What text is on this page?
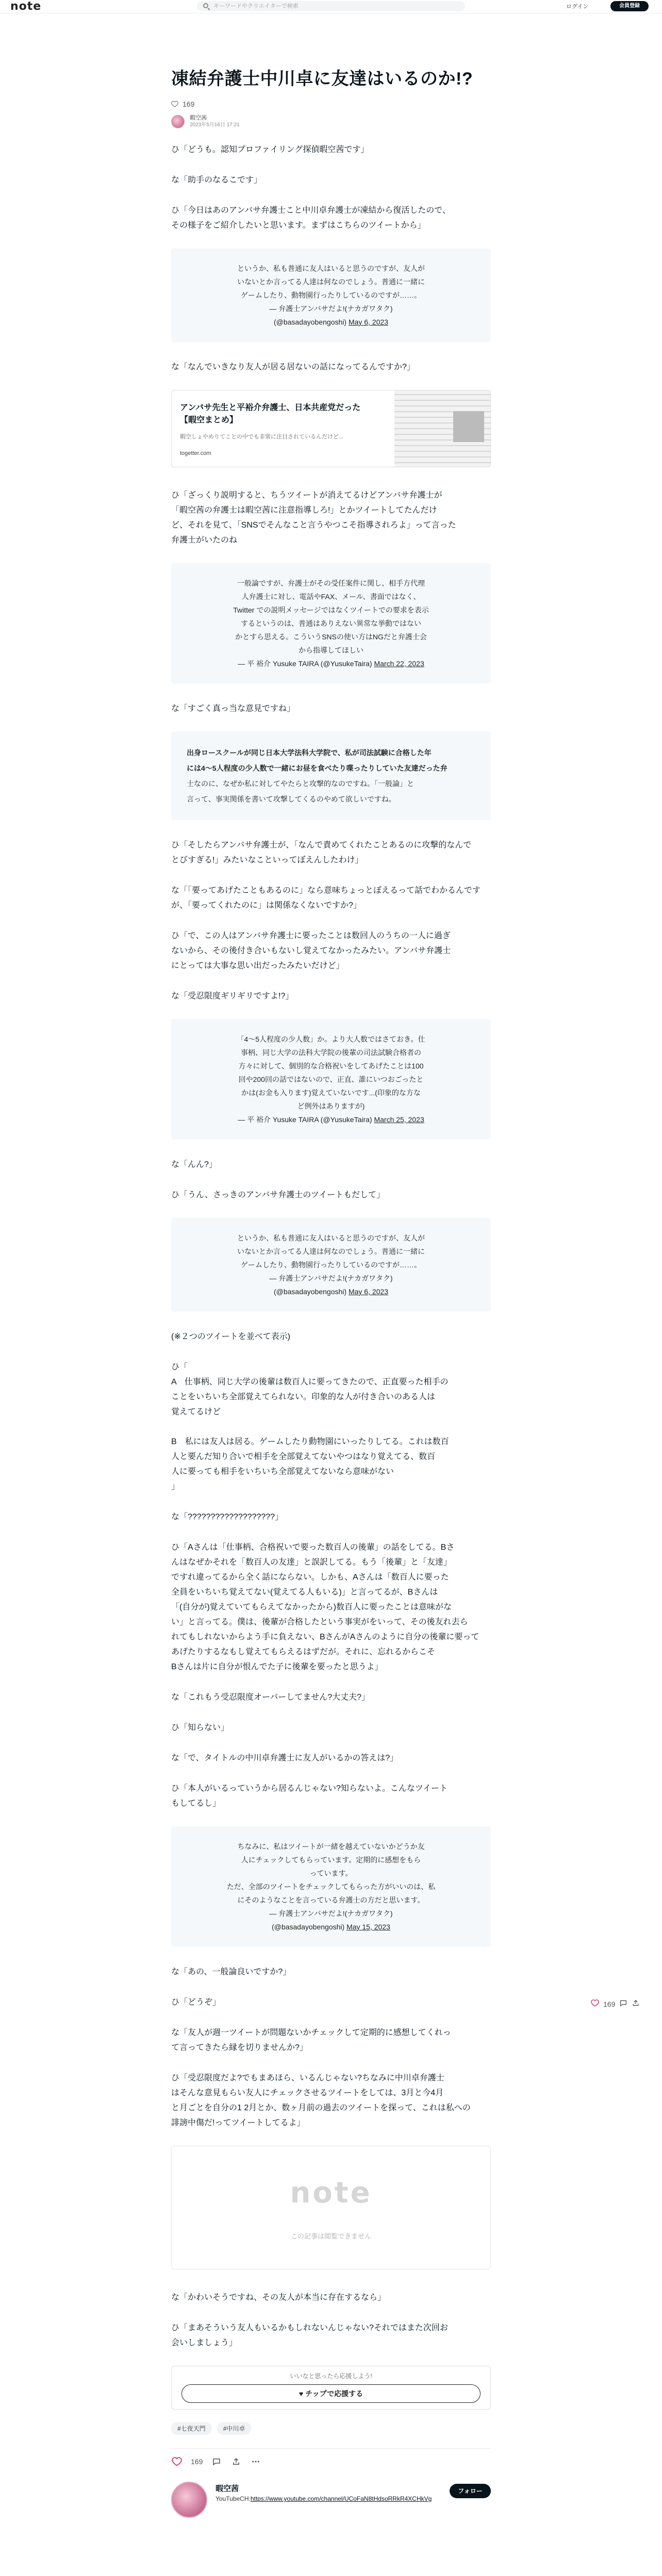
note
キーワードやクリエイターで検索	ログイン	会員登録
凍結弁護士中川卓に友達はいるのか!?
169
暇空茜
2023年5月16日 17:21
ひ「どうも。認知プロファイリング探偵暇空茜です」
な「助手のなるこです」
ひ「今日はあのアンバサ弁護士こと中川卓弁護士が凍結から復活したので、
その様子をご紹介したいと思います。まずはこちらのツイートから」
というか、私も普通に友人はいると思うのですが、友人が
いないとか言ってる人達は何なのでしょう。普通に一緒に
ゲームしたり、動物園行ったりしているのですが……。
— 弁護士アンバサだよ!(ナカガワタク)
(@basadayobengoshi) May 6, 2023
な「なんでいきなり友人が居る居ないの話になってるんですか?」
アンバサ先生と平裕介弁護士、日本共産党だった
【暇空まとめ】
暇空しょやめりてことの中でも非常に注目されているんだけど...
togetter.com
ひ「ざっくり説明すると、ちうツイートが消えてるけどアンバサ弁護士が
「暇空茜の弁護士は暇空茜に注意指導しろ!」とかツイートしてたんだけ
ど、それを見て、「SNSでそんなこと言うやつこそ指導されろよ」って言った
弁護士がいたのね
一般論ですが、弁護士がその受任案件に関し、相手方代理
人弁護士に対し、電話やFAX、メール、書面ではなく、
Twitter での説明メッセージではなくツイートでの要求を表示
するというのは、普通はありえない異常な挙動ではない
かとすら思える。こういうSNSの使い方はNGだと弁護士会
から指導してほしい
— 平 裕介 Yusuke TAIRA (@YusukeTaira) March 22, 2023
な「すごく真っ当な意見ですね」
出身ロースクールが同じ日本大学法科大学院で、私が司法試験に合格した年
には4〜5人程度の少人数で一緒にお昼を食べたり喋ったりしていた友達だった弁
士なのに、なぜか私に対してやたらと攻撃的なのですね。「一般論」と
言って、事実関係を書いて攻撃してくるのやめて欲しいですね。
ひ「そしたらアンバサ弁護士が、「なんで責めてくれたことあるのに攻撃的なんで
とびすぎる!」みたいなこといってぼえんしたわけ」
な「「要ってあげたこともあるのに」なら意味ちょっとぼえるって話でわかるんです
が、「要ってくれたのに」は関係なくないですか?」
ひ「で、この人はアンバサ弁護士に要ったことは数回人のうちの一人に過ぎ
ないから、その後付き合いもないし覚えてなかったみたい。アンバサ弁護士
にとっては大事な思い出だったみたいだけど」
な「受忍限度ギリギリですよ!?」
「4〜5人程度の少人数」か。より大人数ではさておき。仕
事柄、同じ大学の法科大学院の後輩の司法試験合格者の
方々に対して、個別的な合格祝いをしてあげたことは100
回や200回の話ではないので、正直、誰にいつおごったと
かは(お金も入ります)覚えていないです...(印象的な方な
ど例外はありますが)
— 平 裕介 Yusuke TAIRA (@YusukeTaira) March 25, 2023
な「んん?」
ひ「うん、さっきのアンバサ弁護士のツイートもだして」
というか、私も普通に友人はいると思うのですが、友人が
いないとか言ってる人達は何なのでしょう。普通に一緒に
ゲームしたり、動物園行ったりしているのですが……。
— 弁護士アンバサだよ!(ナカガワタク)
(@basadayobengoshi) May 6, 2023
(※２つのツイートを並べて表示)
ひ「
A　仕事柄、同じ大学の後輩は数百人に要ってきたので、正直要った相手の
ことをいちいち全部覚えてられない。印象的な人が付き合いのある人は
覚えてるけど

B　私には友人は居る。ゲームしたり動物園にいったりしてる。これは数百
人と要んだ知り合いで相手を全部覚えてないやつはなり覚えてる、数百
人に要っても相手をいちいち全部覚えてないなら意味がない
」
な「???????????????????」
ひ「Aさんは「仕事柄、合格祝いで要った数百人の後輩」の話をしてる。Bさ
んはなぜかそれを「数百人の友達」と誤訳してる。もう「後輩」と「友達」
ですれ違ってるから全く話にならない。しかも、Aさんは「数百人に要った
全員をいちいち覚えてない(覚えてる人もいる)」と言ってるが、Bさんは
「(自分が)覚えていてもらえてなかったから)数百人に要ったことは意味がな
い」と言ってる。僕は、後輩が合格したという事実がをいって、その後友れ去ら
れてもしれないからよう手に負えない、BさんがAさんのように自分の後輩に要って
あげたりするなもし覚えてもらえるはずだが。それに、忘れるからこそ
Bさんは片に自分が恨んでた子に後輩を要ったと思うよ」
な「これもう受忍限度オーバーしてません?大丈夫?」
ひ「知らない」
な「で、タイトルの中川卓弁護士に友人がいるかの答えは?」
ひ「本人がいるっていうから居るんじゃない?知らないよ。こんなツイート
もしてるし」
ちなみに、私はツイートが一緒を越えていないかどうか友
人にチェックしてもらっています。定期的に感想をもら
っています。
ただ、全部のツイートをチェックしてもらった方がいいのは、私
にそのようなことを言っている弁護士の方だと思います。
— 弁護士アンバサだよ!(ナカガワタク)
(@basadayobengoshi) May 15, 2023
な「あの、一般論良いですか?」
ひ「どうぞ」
な「友人が週一ツイートが問題ないかチェックして定期的に感想してくれっ
て言ってきたら縁を切りませんか?」
ひ「受忍限度だよ?でもまあほら、いるんじゃない?ちなみに中川卓弁護士
はそんな意見もらい友人にチェックさせるツイートをしては、3月と今4月
と月ごとを自分の1 2月とか、数ヶ月前の過去のツイートを探って、これは私への
誹謗中傷だ!ってツイートしてるよ」
note
この記事は閲覧できません
な「かわいそうですね、その友人が本当に存在するなら」
ひ「まあそういう友人もいるかもしれないんじゃない?それではまた次回お
会いしましょう」
いいなと思ったら応援しよう!
♥ チップで応援する
#七夜天門	#中川卓
169
暇空茜
YouTubeCH:https://www.youtube.com/channel/UCoFaN8tHdsoRRkR4XCHkVg
フォロー
169
